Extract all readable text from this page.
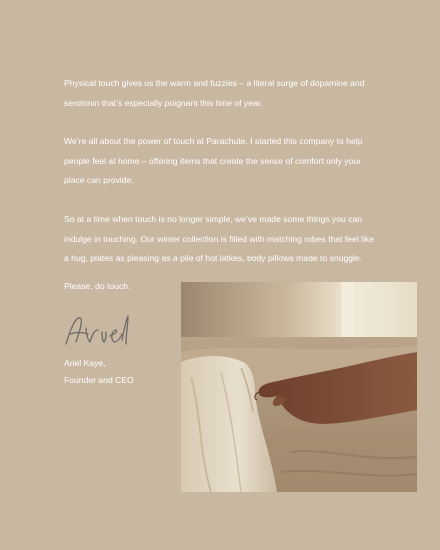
Physical touch gives us the warm and fuzzies – a literal surge of dopamine and serotonin that’s especially poignant this time of year.

We’re all about the power of touch at Parachute. I started this company to help people feel at home – offering items that create the sense of comfort only your place can provide.

So at a time when touch is no longer simple, we’ve made some things you can indulge in touching. Our winter collection is filled with matching robes that feel like a hug, plates as pleasing as a pile of hot latkes, body pillows made to snuggle.

Please, do touch.
Ariel Kaye,
Founder and CEO
